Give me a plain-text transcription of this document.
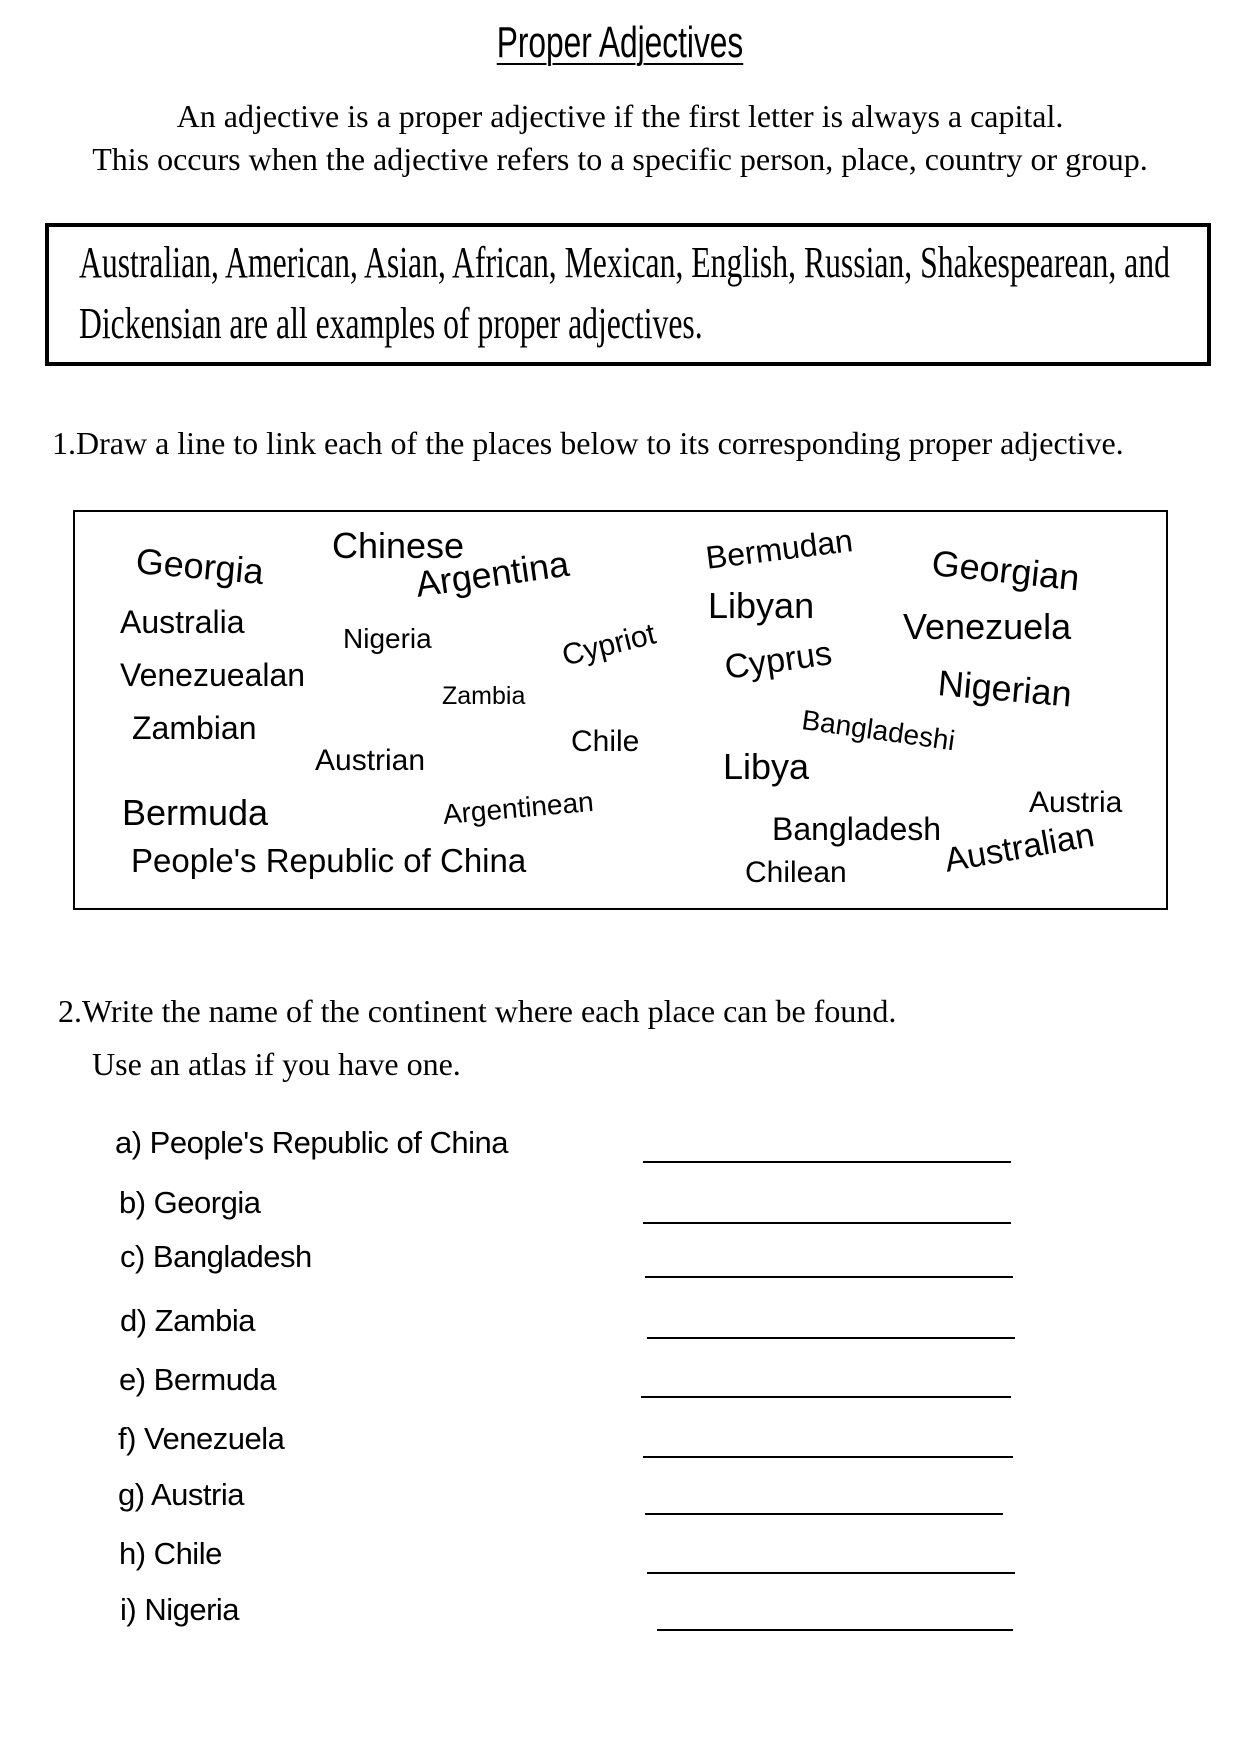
Proper Adjectives
An adjective is a proper adjective if the first letter is always a capital.
This occurs when the adjective refers to a specific person, place, country or group.
Australian, American, Asian, African, Mexican, English, Russian, Shakespearean, and
Dickensian are all examples of proper adjectives.
1.Draw a line to link each of the places below to its corresponding proper adjective.
Georgia Chinese
Argentina	Bermudan Georgian
Australia	Nigeria
Libyan
Venezuela
Venezuealan
Zambia
Cypriot Cyprus
Nigerian
Zambian	Chile	Bangladeshi
Austrian	Libya
Bermuda	Argentinean	Austria
Bangladesh
People's Republic of China	Chilean	Australian
2.Write the name of the continent where each place can be found.
Use an atlas if you have one.
a) People's Republic of China
b) Georgia
c) Bangladesh
d) Zambia
e) Bermuda
f) Venezuela
g) Austria
h) Chile
i) Nigeria
